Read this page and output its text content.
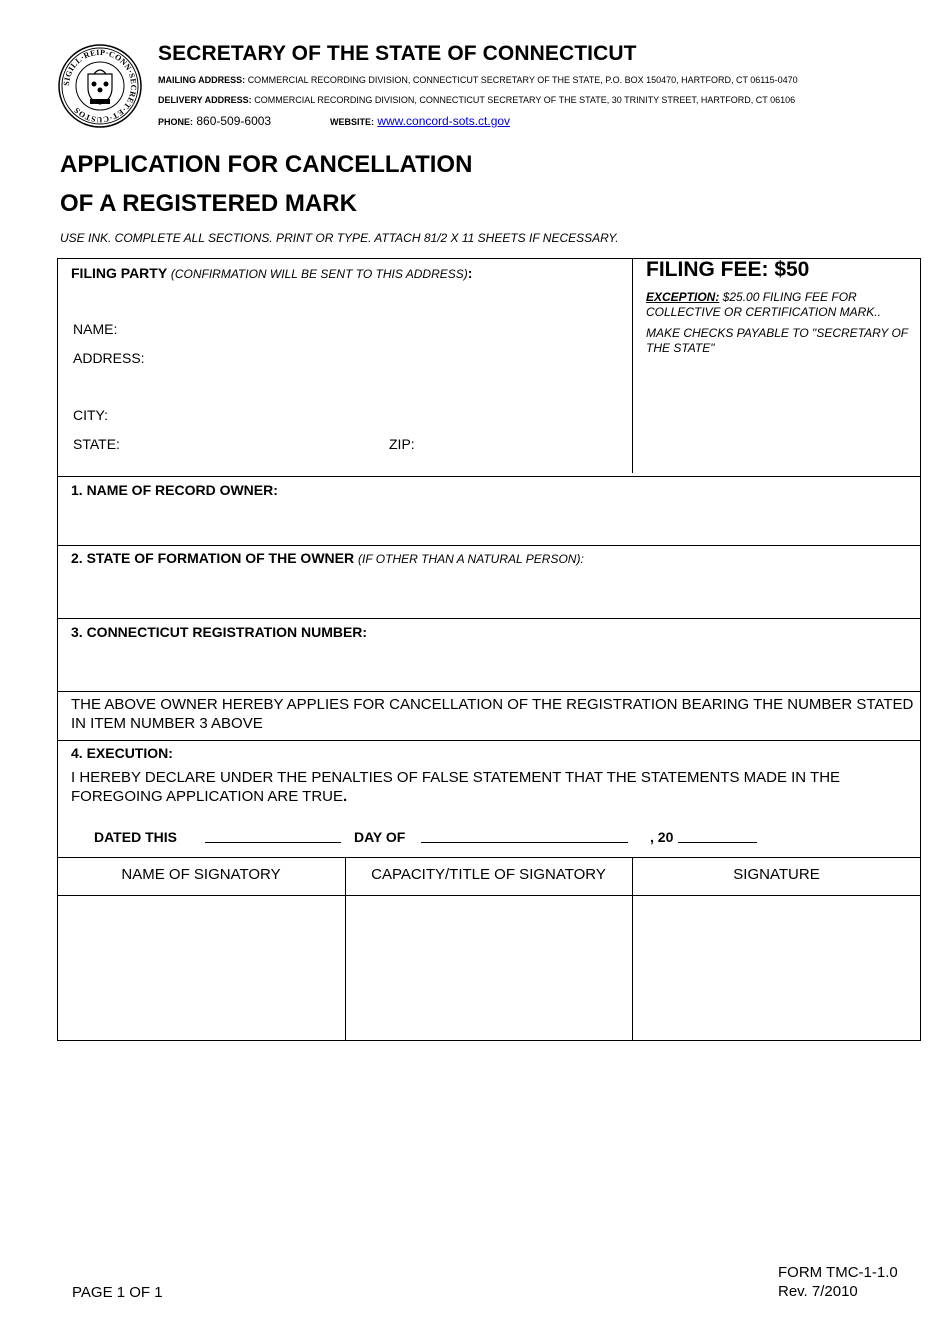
SIGILL·REIP·CONN·SECRET·ET·CUSTOS
SECRETARY OF THE STATE OF CONNECTICUT
MAILING ADDRESS: COMMERCIAL RECORDING DIVISION, CONNECTICUT SECRETARY OF THE STATE, P.O. BOX 150470, HARTFORD, CT 06115-0470
DELIVERY ADDRESS: COMMERCIAL RECORDING DIVISION, CONNECTICUT SECRETARY OF THE STATE, 30 TRINITY STREET, HARTFORD, CT 06106
PHONE: 860-509-6003	WEBSITE: www.concord-sots.ct.gov
APPLICATION FOR CANCELLATION
OF A REGISTERED MARK
USE INK. COMPLETE ALL SECTIONS. PRINT OR TYPE. ATTACH 81/2 X 11 SHEETS IF NECESSARY.
FILING PARTY (CONFIRMATION WILL BE SENT TO THIS ADDRESS):
NAME:
ADDRESS:
CITY:
STATE:	ZIP:
FILING FEE: $50
EXCEPTION: $25.00 FILING FEE FOR COLLECTIVE OR CERTIFICATION MARK..
MAKE CHECKS PAYABLE TO "SECRETARY OF THE STATE"
1. NAME OF RECORD OWNER:
2. STATE OF FORMATION OF THE OWNER (IF OTHER THAN A NATURAL PERSON):
3. CONNECTICUT REGISTRATION NUMBER:
THE ABOVE OWNER HEREBY APPLIES FOR CANCELLATION OF THE REGISTRATION BEARING THE NUMBER STATED IN ITEM NUMBER 3 ABOVE
4. EXECUTION:
I HEREBY DECLARE UNDER THE PENALTIES OF FALSE STATEMENT THAT THE STATEMENTS MADE IN THE FOREGOING APPLICATION ARE TRUE.
DATED THIS	DAY OF	, 20
NAME OF SIGNATORY	CAPACITY/TITLE OF SIGNATORY	SIGNATURE
PAGE 1 OF 1
FORM TMC-1-1.0
Rev. 7/2010
